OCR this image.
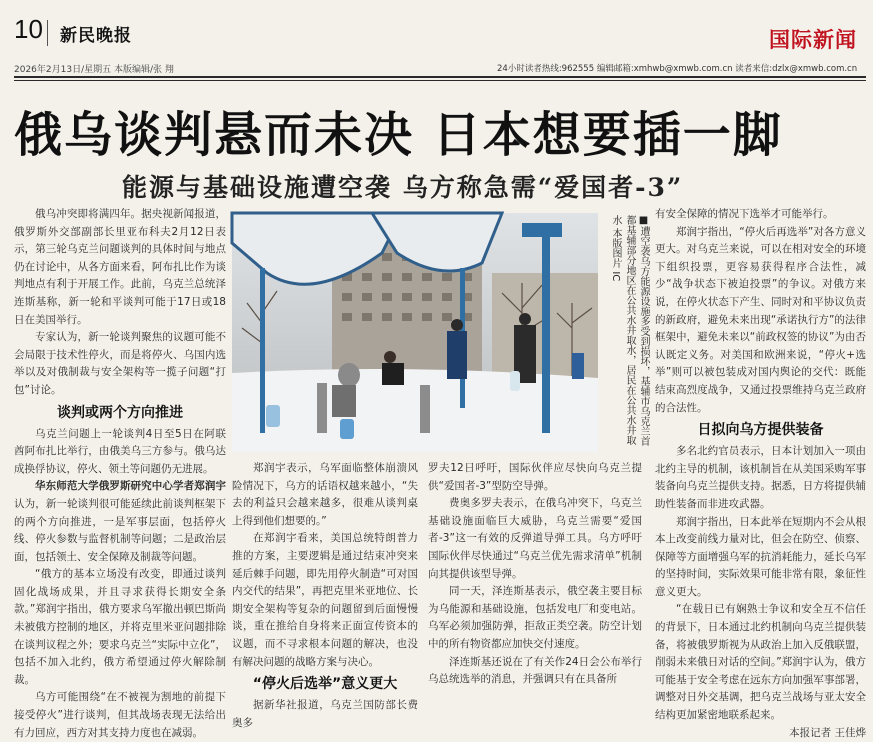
10 新民晚报	国际新闻
2026年2月13日/星期五 本版编辑/张 翔	24小时读者热线:962555 编辑邮箱:xmhwb@xmwb.com.cn 读者来信:dzlx@xmwb.com.cn
俄乌谈判悬而未决 日本想要插一脚
能源与基础设施遭空袭 乌方称急需“爱国者-3”

俄乌冲突即将满四年。据央视新闻报道，俄罗斯外交部副部长里亚布科夫2月12日表示，第三轮乌克兰问题谈判的具体时间与地点仍在讨论中，从各方面来看，阿布扎比作为谈判地点有利于开展工作。此前，乌克兰总统泽连斯基称，新一轮和平谈判可能于17日或18日在美国举行。

专家认为，新一轮谈判聚焦的议题可能不会局限于技术性停火，而是将停火、乌国内选举以及对俄制裁与安全架构等一揽子问题“打包”讨论。

谈判或两个方向推进

乌克兰问题上一轮谈判4日至5日在阿联酋阿布扎比举行，由俄美乌三方参与。俄乌达成换俘协议，停火、领土等问题仍无进展。

华东师范大学俄罗斯研究中心学者郑润宇认为，新一轮谈判很可能延续此前谈判框架下的两个方向推进，一是军事层面，包括停火线、停火参数与监督机制等问题；二是政治层面，包括领土、安全保障及制裁等问题。

“俄方的基本立场没有改变，即通过谈判固化战场成果，并且寻求获得长期安全条款。”郑润宇指出，俄方要求乌军撤出顿巴斯尚未被俄方控制的地区，并将克里米亚问题排除在谈判议程之外；要求乌克兰“实际中立化”，包括不加入北约，俄方希望通过停火解除制裁。

乌方可能围绕“在不被视为割地的前提下接受停火”进行谈判，但其战场表现无法给出有力回应，西方对其支持力度也在减弱。

■遭空袭乌方能源设施多受到损坏，基辅市乌克兰首都基辅部分地区在公共水井取水，居民在公共水井取水 本版图片 IC

郑润宇表示，乌军面临整体崩溃风险情况下，乌方的话语权越来越小，“失去的利益只会越来越多，很难从谈判桌上得到他们想要的。”

在郑润宇看来，美国总统特朗普力推的方案，主要逻辑是通过结束冲突来延后棘手问题，即先用停火制造“可对国内交代的结果”，再把克里米亚地位、长期安全架构等复杂的问题留到后面慢慢谈，重在推给自身将来正面宣传资本的议题，而不寻求根本问题的解决，也没有解决问题的战略方案与决心。

“停火后选举”意义更大

据新华社报道，乌克兰国防部长费奥多

罗夫12日呼吁，国际伙伴应尽快向乌克兰提供“爱国者-3”型防空导弹。

费奥多罗夫表示，在俄乌冲突下，乌克兰基础设施面临巨大威胁，乌克兰需要“爱国者-3”这一有效的反弹道导弹工具。乌方呼吁国际伙伴尽快通过“乌克兰优先需求清单”机制向其提供该型导弹。

同一天，泽连斯基表示，俄空袭主要目标为乌能源和基础设施，包括发电厂和变电站。乌军必须加强防弹，拒敌正类空袭。防空计划中的所有物资都应加快交付速度。

泽连斯基还说在了有关作24日会公布举行乌总统选举的消息，并强调只有在具备所

有安全保障的情况下选举才可能举行。

郑润宇指出，“停火后再选举”对各方意义更大。对乌克兰来说，可以在相对安全的环境下组织投票，更容易获得程序合法性，减少“战争状态下被迫投票”的争议。对俄方来说，在停火状态下产生、同时对和平协议负责的新政府，避免未来出现“承诺执行方”的法律框架中，避免未来以“前政权签的协议”为由否认既定义务。对美国和欧洲来说，“停火+选举”则可以被包装成对国内舆论的交代：既能结束高烈度战争，又通过投票维持乌克兰政府的合法性。

日拟向乌方提供装备

多名北约官员表示，日本计划加入一项由北约主导的机制，该机制旨在从美国采购军事装备向乌克兰提供支持。据悉，日方将提供辅助性装备而非进攻武器。

郑润宇指出，日本此举在短期内不会从根本上改变前线力量对比，但会在防空、侦察、保障等方面增强乌军的抗消耗能力，延长乌军的坚持时间，实际效果可能非常有限，象征性意义更大。

“在载日已有娴熟士争议和安全互不信任的背景下，日本通过北约机制向乌克兰提供装备，将被俄罗斯视为从政治上加入反俄联盟，削弱未来俄日对话的空间。”郑润宇认为，俄方可能基于安全考虑在远东方向加强军事部署，调整对日外交基调，把乌克兰战场与亚太安全结构更加紧密地联系起来。

本报记者 王佳烨
